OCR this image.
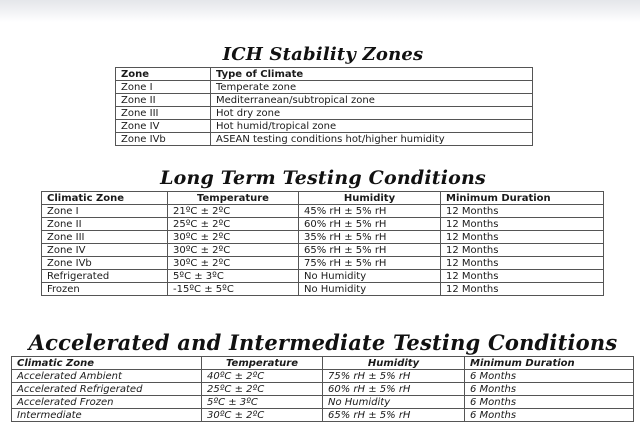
ICH Stability Zones
Zone	Type of Climate
Zone I	Temperate zone
Zone II	Mediterranean/subtropical zone
Zone III	Hot dry zone
Zone IV	Hot humid/tropical zone
Zone IVb	ASEAN testing conditions hot/higher humidity
Long Term Testing Conditions
Climatic Zone	Temperature	Humidity	Minimum Duration
Zone I	21ºC ± 2ºC	45% rH ± 5% rH	12 Months
Zone II	25ºC ± 2ºC	60% rH ± 5% rH	12 Months
Zone III	30ºC ± 2ºC	35% rH ± 5% rH	12 Months
Zone IV	30ºC ± 2ºC	65% rH ± 5% rH	12 Months
Zone IVb	30ºC ± 2ºC	75% rH ± 5% rH	12 Months
Refrigerated	5ºC ± 3ºC	No Humidity	12 Months
Frozen	-15ºC ± 5ºC	No Humidity	12 Months
Accelerated and Intermediate Testing Conditions
Climatic Zone	Temperature	Humidity	Minimum Duration
Accelerated Ambient	40ºC ± 2ºC	75% rH ± 5% rH	6 Months
Accelerated Refrigerated	25ºC ± 2ºC	60% rH ± 5% rH	6 Months
Accelerated Frozen	5ºC ± 3ºC	No Humidity	6 Months
Intermediate	30ºC ± 2ºC	65% rH ± 5% rH	6 Months
